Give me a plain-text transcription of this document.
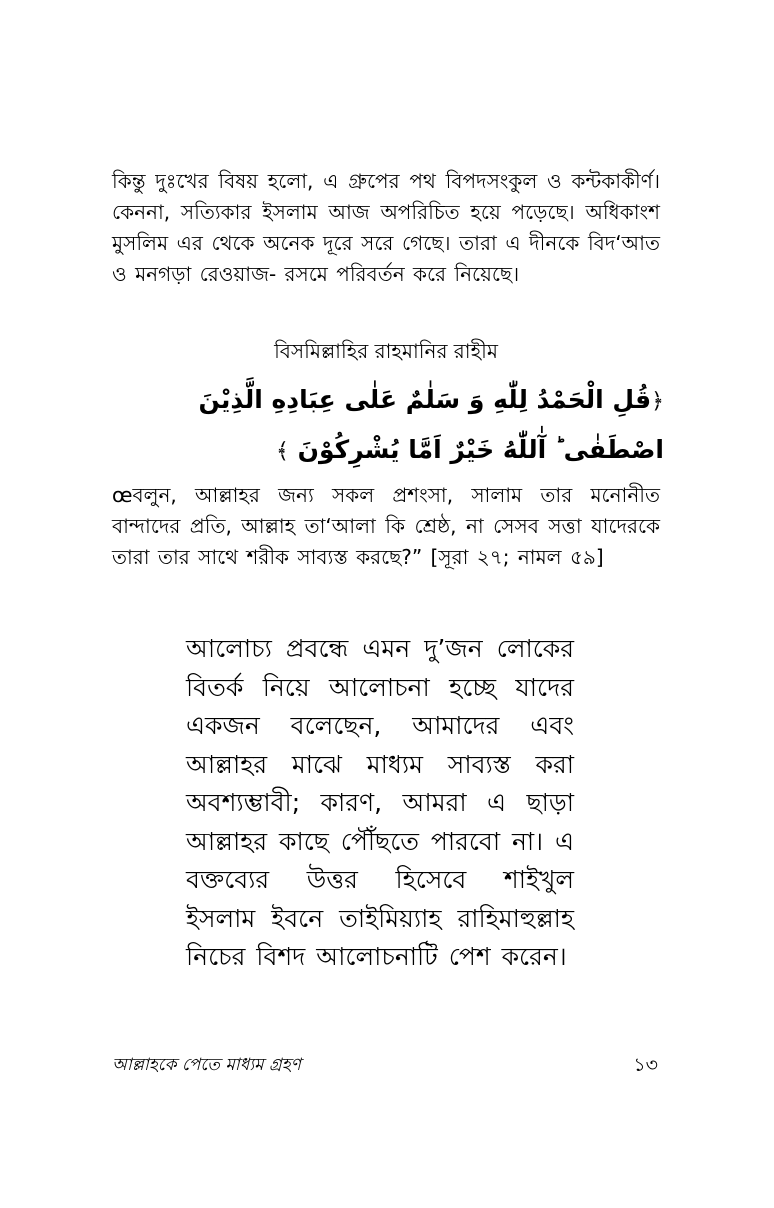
কিন্তু দুঃখের বিষয় হলো, এ গ্রুপের পথ বিপদসংকুল ও কন্টকাকীর্ণ। কেননা, সত্যিকার ইসলাম আজ অপরিচিত হয়ে পড়েছে। অধিকাংশ মুসলিম এর থেকে অনেক দূরে সরে গেছে। তারা এ দীনকে বিদ‘আত ও মনগড়া রেওয়াজ- রসমে পরিবর্তন করে নিয়েছে।

বিসমিল্লাহির রাহমানির রাহীম
﴿قُلِ الْحَمْدُ لِلّٰهِ وَ سَلٰمٌ عَلٰى عِبَادِهِ الَّذِيْنَ اصْطَفٰى ؕ آٰللّٰهُ خَيْرٌ اَمَّا يُشْرِكُوْنَ ﴾

œবলুন, আল্লাহর জন্য সকল প্রশংসা, সালাম তার মনোনীত বান্দাদের প্রতি, আল্লাহ তা‘আলা কি শ্রেষ্ঠ, না সেসব সত্তা যাদেরকে তারা তার সাথে শরীক সাব্যস্ত করছে?” [সূরা ২৭; নামল ৫৯]

আলোচ্য প্রবন্ধে এমন দু’জন লোকের বিতর্ক নিয়ে আলোচনা হচ্ছে যাদের একজন বলেছেন, আমাদের এবং আল্লাহর মাঝে মাধ্যম সাব্যস্ত করা অবশ্যম্ভাবী; কারণ, আমরা এ ছাড়া আল্লাহর কাছে পৌঁছতে পারবো না। এ বক্তব্যের উত্তর হিসেবে শাইখুল ইসলাম ইবনে তাইমিয়্যাহ রাহিমাহুল্লাহ নিচের বিশদ আলোচনাটি পেশ করেন।

আল্লাহকে পেতে মাধ্যম গ্রহণ	১৩
